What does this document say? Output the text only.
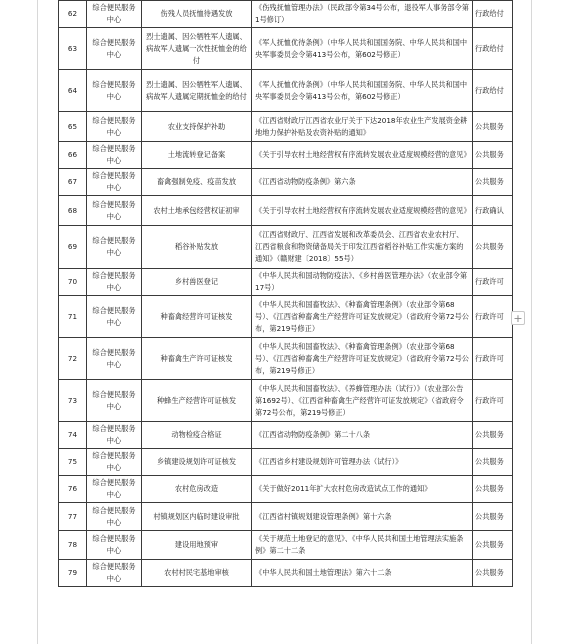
62	综合便民服务中心	伤残人员抚恤待遇发放	《伤残抚恤管理办法》（民政部令第34号公布，退役军人事务部令第1号修订）	行政给付
63	综合便民服务中心	烈士遗属、因公牺牲军人遗属、病故军人遗属一次性抚恤金的给付	《军人抚恤优待条例》（中华人民共和国国务院、中华人民共和国中央军事委员会令第413号公布，第602号修正）	行政给付
64	综合便民服务中心	烈士遗属、因公牺牲军人遗属、病故军人遗属定期抚恤金的给付	《军人抚恤优待条例》（中华人民共和国国务院、中华人民共和国中央军事委员会令第413号公布，第602号修正）	行政给付
65	综合便民服务中心	农业支持保护补助	《江西省财政厅江西省农业厅关于下达2018年农业生产发展资金耕地地力保护补贴及农资补贴的通知》	公共服务
66	综合便民服务中心	土地流转登记备案	《关于引导农村土地经营权有序流转发展农业适度规模经营的意见》	公共服务
67	综合便民服务中心	畜禽强制免疫、疫苗发放	《江西省动物防疫条例》第六条	公共服务
68	综合便民服务中心	农村土地承包经营权证初审	《关于引导农村土地经营权有序流转发展农业适度规模经营的意见》	行政确认
69	综合便民服务中心	稻谷补贴发放	《江西省财政厅、江西省发展和改革委员会、江西省农业农村厅、江西省粮食和物资储备局关于印发江西省稻谷补贴工作实施方案的通知》（赣财建〔2018〕55号）	公共服务
70	综合便民服务中心	乡村兽医登记	《中华人民共和国动物防疫法》、《乡村兽医管理办法》（农业部令第17号）	行政许可
71	综合便民服务中心	种畜禽经营许可证核发	《中华人民共和国畜牧法》、《种畜禽管理条例》（农业部令第68号）、《江西省种畜禽生产经营许可证发放规定》（省政府令第72号公布，第219号修正）	行政许可
72	综合便民服务中心	种畜禽生产许可证核发	《中华人民共和国畜牧法》、《种畜禽管理条例》（农业部令第68号）、《江西省种畜禽生产经营许可证发放规定》（省政府令第72号公布，第219号修正）	行政许可
73	综合便民服务中心	种蜂生产经营许可证核发	《中华人民共和国畜牧法》、《养蜂管理办法（试行）》（农业部公告第1692号）、《江西省种畜禽生产经营许可证发放规定》（省政府令第72号公布，第219号修正）	行政许可
74	综合便民服务中心	动物检疫合格证	《江西省动物防疫条例》第二十八条	公共服务
75	综合便民服务中心	乡镇建设规划许可证核发	《江西省乡村建设规划许可管理办法（试行）》	公共服务
76	综合便民服务中心	农村危房改造	《关于做好2011年扩大农村危房改造试点工作的通知》	公共服务
77	综合便民服务中心	村镇规划区内临时建设审批	《江西省村镇规划建设管理条例》第十六条	公共服务
78	综合便民服务中心	建设用地预审	《关于规范土地登记的意见》、《中华人民共和国土地管理法实施条例》第二十二条	公共服务
79	综合便民服务中心	农村村民宅基地审核	《中华人民共和国土地管理法》第六十二条	公共服务
+
